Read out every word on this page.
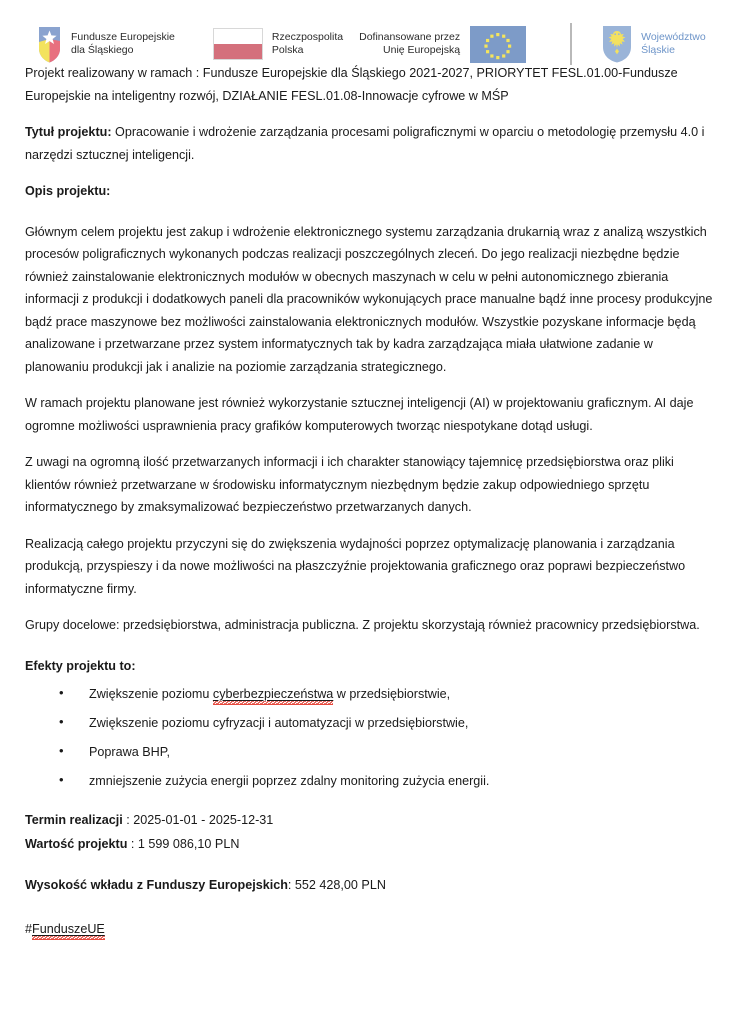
Fundusze Europejskie
dla Śląskiego
Rzeczpospolita
Polska
Dofinansowane przez
Unię Europejską
Województwo
Śląskie

Projekt realizowany w ramach : Fundusze Europejskie dla Śląskiego 2021-2027, PRIORYTET FESL.01.00-Fundusze Europejskie na inteligentny rozwój, DZIAŁANIE FESL.01.08-Innowacje cyfrowe w MŚP

Tytuł projektu: Opracowanie i wdrożenie zarządzania procesami poligraficznymi w oparciu o metodologię przemysłu 4.0 i narzędzi sztucznej inteligencji.

Opis projektu:

Głównym celem projektu jest zakup i wdrożenie elektronicznego systemu zarządzania drukarnią wraz z analizą wszystkich procesów poligraficznych wykonanych podczas realizacji poszczególnych zleceń. Do jego realizacji niezbędne będzie również zainstalowanie elektronicznych modułów w obecnych maszynach w celu w pełni autonomicznego zbierania informacji z produkcji i dodatkowych paneli dla pracowników wykonujących prace manualne bądź inne procesy produkcyjne bądź prace maszynowe bez możliwości zainstalowania elektronicznych modułów. Wszystkie pozyskane informacje będą analizowane i przetwarzane przez system informatycznych tak by kadra zarządzająca miała ułatwione zadanie w planowaniu produkcji jak i analizie na poziomie zarządzania strategicznego.

W ramach projektu planowane jest również wykorzystanie sztucznej inteligencji (AI) w projektowaniu graficznym. AI daje ogromne możliwości usprawnienia pracy grafików komputerowych tworząc niespotykane dotąd usługi.

Z uwagi na ogromną ilość przetwarzanych informacji i ich charakter stanowiący tajemnicę przedsiębiorstwa oraz pliki klientów również przetwarzane w środowisku informatycznym niezbędnym będzie zakup odpowiedniego sprzętu informatycznego by zmaksymalizować bezpieczeństwo przetwarzanych danych.

Realizacją całego projektu przyczyni się do zwiększenia wydajności poprzez optymalizację planowania i zarządzania produkcją, przyspieszy i da nowe możliwości na płaszczyźnie projektowania graficznego oraz poprawi bezpieczeństwo informatyczne firmy.

Grupy docelowe: przedsiębiorstwa, administracja publiczna. Z projektu skorzystają również pracownicy przedsiębiorstwa.

Efekty projektu to:

• Zwiększenie poziomu cyberbezpieczeństwa w przedsiębiorstwie,
• Zwiększenie poziomu cyfryzacji i automatyzacji w przedsiębiorstwie,
• Poprawa BHP,
• zmniejszenie zużycia energii poprzez zdalny monitoring zużycia energii.

Termin realizacji : 2025-01-01 - 2025-12-31

Wartość projektu : 1 599 086,10 PLN

Wysokość wkładu z Funduszy Europejskich: 552 428,00 PLN

#FunduszeUE
